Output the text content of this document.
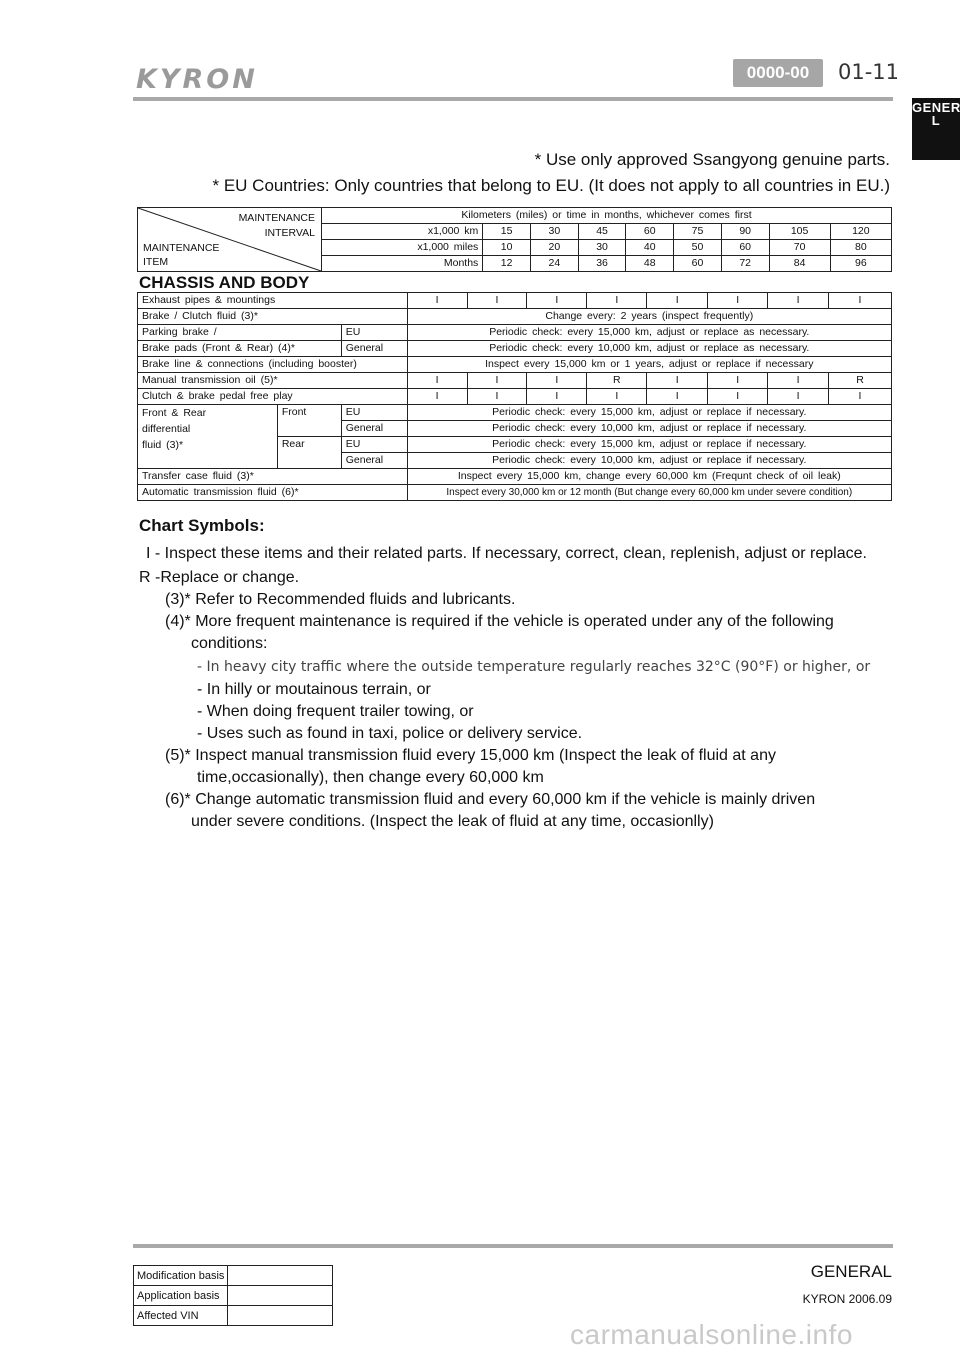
KYRON	0000-00	01-11
GENERA
L
* Use only approved Ssangyong genuine parts.
* EU Countries: Only countries that belong to EU. (It does not apply to all countries in EU.)
MAINTENANCE
INTERVAL
MAINTENANCE
ITEM	Kilometers (miles) or time in months, whichever comes first								
	x1,000 km	15	30	45	60	75	90	105	120
	x1,000 miles	10	20	30	40	50	60	70	80
	Months	12	24	36	48	60	72	84	96
CHASSIS AND BODY
Exhaust pipes & mountings			I	I	I	I	I	I	I	I
Brake / Clutch fluid (3)*			Change every: 2 years (inspect frequently)							
Parking brake /		EU	Periodic check: every 15,000 km, adjust or replace as necessary.							
Brake pads (Front & Rear) (4)*		General	Periodic check: every 10,000 km, adjust or replace as necessary.							
Brake line & connections (including booster)			Inspect every 15,000 km or 1 years, adjust or replace if necessary							
Manual transmission oil (5)*			I	I	I	R	I	I	I	R
Clutch & brake pedal free play			I	I	I	I	I	I	I	I

Front & Rear
differential
fluid (3)*	Front	EU	Periodic check: every 15,000 km, adjust or replace if necessary.							
		General	Periodic check: every 10,000 km, adjust or replace if necessary.							
	Rear	EU	Periodic check: every 15,000 km, adjust or replace if necessary.							
		General	Periodic check: every 10,000 km, adjust or replace if necessary.							
Transfer case fluid (3)*			Inspect every 15,000 km, change every 60,000 km (Frequnt check of oil leak)							
Automatic transmission fluid (6)*			Inspect every 30,000 km or 12 month (But change every 60,000 km under severe condition)							
Chart Symbols:
I - Inspect these items and their related parts. If necessary, correct, clean, replenish, adjust or replace.
R -Replace or change.
(3)* Refer to Recommended fluids and lubricants.
(4)* More frequent maintenance is required if the vehicle is operated under any of the following
conditions:
- In heavy city traffic where the outside temperature regularly reaches 32°C (90°F) or higher, or
- In hilly or moutainous terrain, or
- When doing frequent trailer towing, or
- Uses such as found in taxi, police or delivery service.
(5)* Inspect manual transmission fluid every 15,000 km (Inspect the leak of fluid at any
time,occasionally), then change every 60,000 km
(6)* Change automatic transmission fluid and every 60,000 km if the vehicle is mainly driven
under severe conditions. (Inspect the leak of fluid at any time, occasionlly)
Modification basis	
Application basis	
Affected VIN	
GENERAL
KYRON 2006.09
carmanualsonline.info
